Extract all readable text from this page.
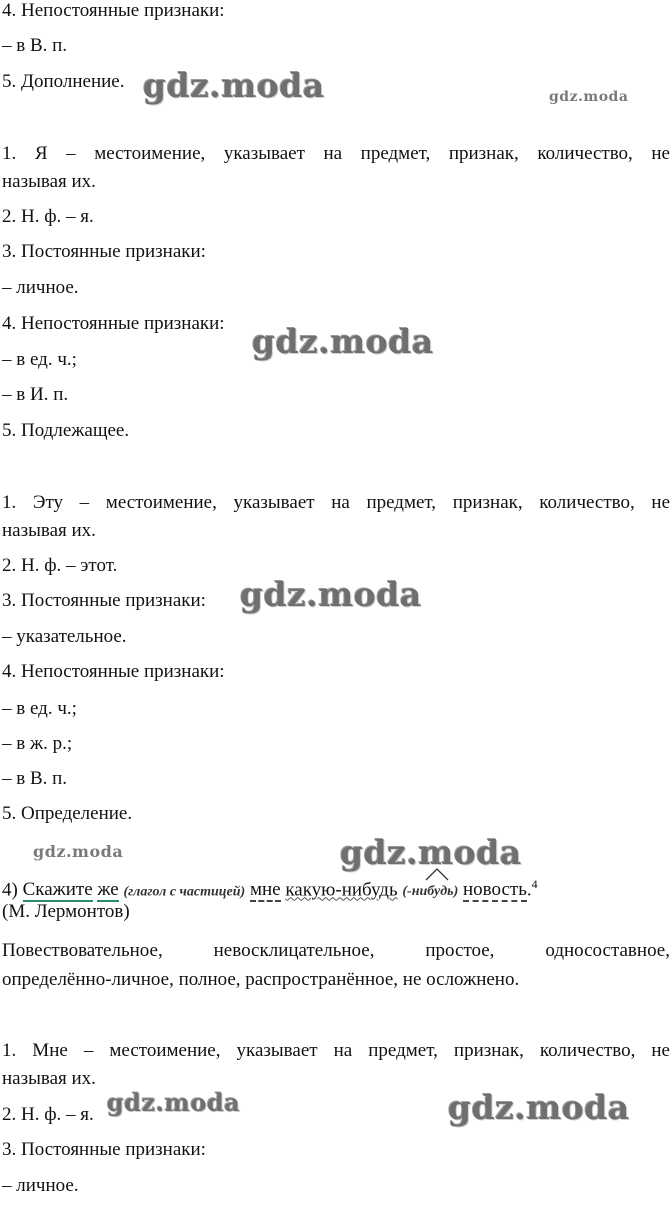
4. Непостоянные признаки:
– в В. п.
5. Дополнение. gdz.moda	gdz.moda
1. Я – местоимение, указывает на предмет, признак, количество, не
называя их.
2. Н. ф. – я.
3. Постоянные признаки:
– личное.
4. Непостоянные признаки:
– в ед. ч.;
– в И. п.
5. Подлежащее.
gdz.moda
1. Эту – местоимение, указывает на предмет, признак, количество, не
называя их.
2. Н. ф. – этот.
3. Постоянные признаки:
– указательное.
4. Непостоянные признаки:
– в ед. ч.;
– в ж. р.;
– в В. п.
5. Определение.
gdz.moda
gdz.moda	gdz.moda
4) Скажите же (глагол с частицей) мне какую-нибудь (-нибудь) новость.$^4$
(М. Лермонтов)
Повествовательное, невосклицательное, простое, односоставное,
определённо-личное, полное, распространённое, не осложнено.
1. Мне – местоимение, указывает на предмет, признак, количество, не
называя их.
2. Н. ф. – я.
3. Постоянные признаки:
– личное.
gdz.moda	gdz.moda
